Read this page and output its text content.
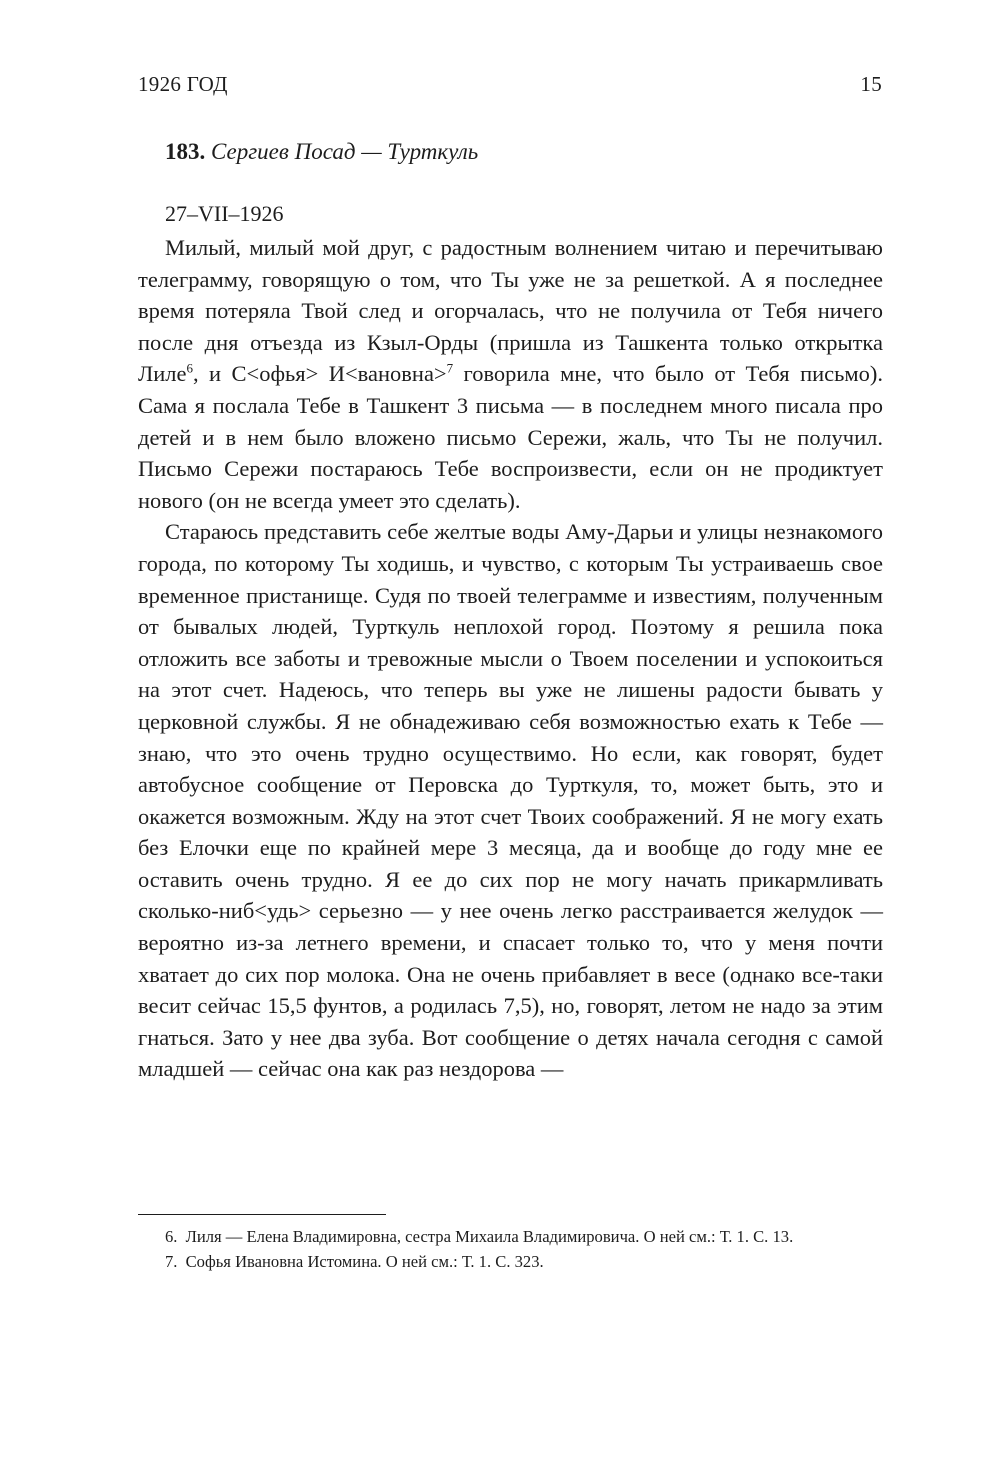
1926 ГОД	15
183. Сергиев Посад — Турткуль
27–VII–1926

Милый, милый мой друг, с радостным волнением читаю и перечитываю телеграмму, говорящую о том, что Ты уже не за решеткой. А я последнее время потеряла Твой след и огорчалась, что не получила от Тебя ничего после дня отъезда из Кзыл-Орды (пришла из Ташкента только открытка Лиле$^6$, и С<офья> И<вановна>$^7$ говорила мне, что было от Тебя письмо). Сама я послала Тебе в Ташкент 3 письма — в последнем много писала про детей и в нем было вложено письмо Сережи, жаль, что Ты не получил. Письмо Сережи постараюсь Тебе воспроизвести, если он не продиктует нового (он не всегда умеет это сделать).

Стараюсь представить себе желтые воды Аму-Дарьи и улицы незнакомого города, по которому Ты ходишь, и чувство, с которым Ты устраиваешь свое временное пристанище. Судя по твоей телеграмме и известиям, полученным от бывалых людей, Турткуль неплохой город. Поэтому я решила пока отложить все заботы и тревожные мысли о Твоем поселении и успокоиться на этот счет. Надеюсь, что теперь вы уже не лишены радости бывать у церковной службы. Я не обнадеживаю себя возможностью ехать к Тебе — знаю, что это очень трудно осуществимо. Но если, как говорят, будет автобусное сообщение от Перовска до Турткуля, то, может быть, это и окажется возможным. Жду на этот счет Твоих соображений. Я не могу ехать без Елочки еще по крайней мере 3 месяца, да и вообще до году мне ее оставить очень трудно. Я ее до сих пор не могу начать прикармливать сколько-ниб<удь> серьезно — у нее очень легко расстраивается желудок — вероятно из-за летнего времени, и спасает только то, что у меня почти хватает до сих пор молока. Она не очень прибавляет в весе (однако все-таки весит сейчас 15,5 фунтов, а родилась 7,5), но, говорят, летом не надо за этим гнаться. Зато у нее два зуба. Вот сообщение о детях начала сегодня с самой младшей — сейчас она как раз нездорова —

6. Лиля — Елена Владимировна, сестра Михаила Владимировича. О ней см.: Т. 1. С. 13.

7. Софья Ивановна Истомина. О ней см.: Т. 1. С. 323.
